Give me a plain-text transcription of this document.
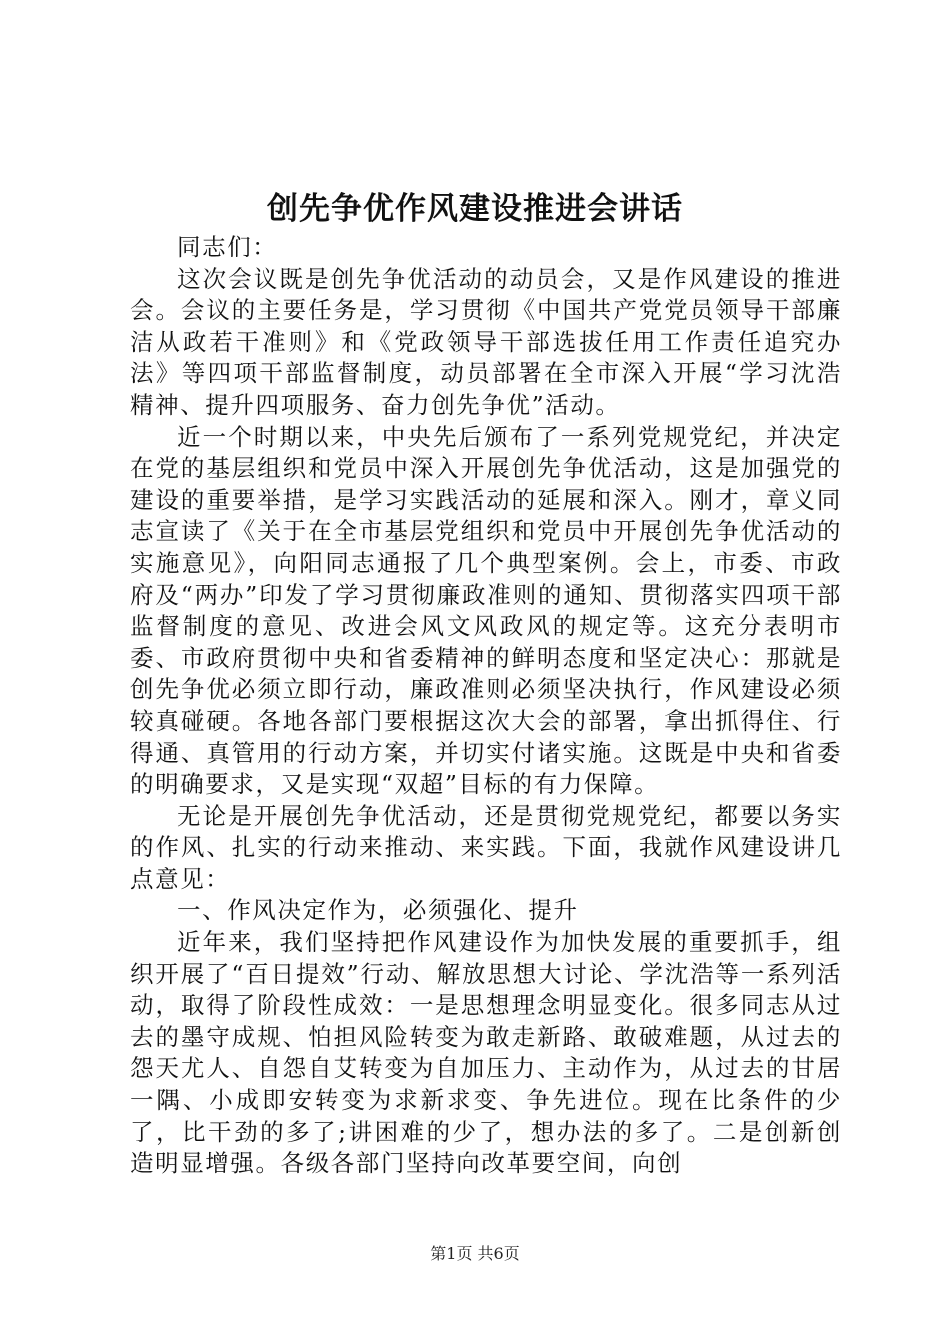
创先争优作风建设推进会讲话

同志们：

这次会议既是创先争优活动的动员会，又是作风建设的推进会。会议的主要任务是，学习贯彻《中国共产党党员领导干部廉洁从政若干准则》和《党政领导干部选拔任用工作责任追究办法》等四项干部监督制度，动员部署在全市深入开展“学习沈浩精神、提升四项服务、奋力创先争优”活动。

近一个时期以来，中央先后颁布了一系列党规党纪，并决定在党的基层组织和党员中深入开展创先争优活动，这是加强党的建设的重要举措，是学习实践活动的延展和深入。刚才，章义同志宣读了《关于在全市基层党组织和党员中开展创先争优活动的实施意见》，向阳同志通报了几个典型案例。会上，市委、市政府及“两办”印发了学习贯彻廉政准则的通知、贯彻落实四项干部监督制度的意见、改进会风文风政风的规定等。这充分表明市委、市政府贯彻中央和省委精神的鲜明态度和坚定决心：那就是创先争优必须立即行动，廉政准则必须坚决执行，作风建设必须较真碰硬。各地各部门要根据这次大会的部署，拿出抓得住、行得通、真管用的行动方案，并切实付诸实施。这既是中央和省委的明确要求，又是实现“双超”目标的有力保障。

无论是开展创先争优活动，还是贯彻党规党纪，都要以务实的作风、扎实的行动来推动、来实践。下面，我就作风建设讲几点意见：

一、作风决定作为，必须强化、提升

近年来，我们坚持把作风建设作为加快发展的重要抓手，组织开展了“百日提效”行动、解放思想大讨论、学沈浩等一系列活动，取得了阶段性成效：一是思想理念明显变化。很多同志从过去的墨守成规、怕担风险转变为敢走新路、敢破难题，从过去的怨天尤人、自怨自艾转变为自加压力、主动作为，从过去的甘居一隅、小成即安转变为求新求变、争先进位。现在比条件的少了，比干劲的多了;讲困难的少了，想办法的多了。二是创新创造明显增强。各级各部门坚持向改革要空间，向创

第1页 共6页
